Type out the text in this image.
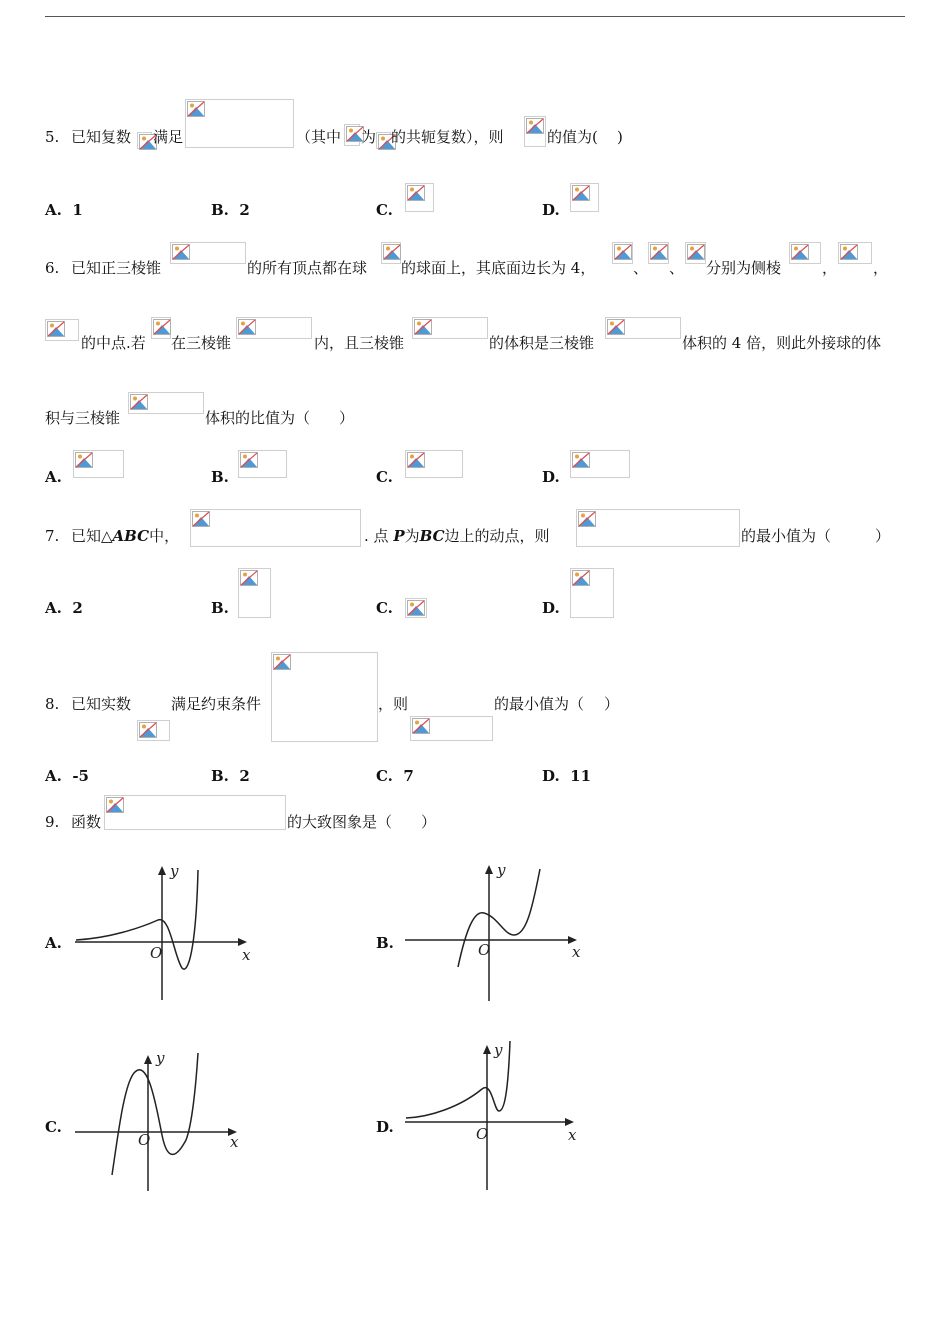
5. 已知复数 满足	（其中 为 的共轭复数），则	的值为( )
A. 1	B. 2	C.	D.
6. 已知正三棱锥	的所有顶点都在球 的球面上，其底面边长为 4，	、 、 分别为侧棱	， ，
的中点.若 在三棱锥	内，且三棱锥	的体积是三棱锥	体积的 4 倍，则此外接球的体
积与三棱锥	体积的比值为（ ）
A.	B.	C.	D.
7. 已知△ABC中，	. 点 P为BC边上的动点，则	的最小值为（	）
A. 2	B.	C.	D.
8. 已知实数	满足约束条件	，则	的最小值为（ ）
A. -5	B. 2	C. 7	D. 11
9. 函数	的大致图象是（ ）
A.
y
x
O
B.
y
x
O
C.
y
x
O
D.
y
x
O
